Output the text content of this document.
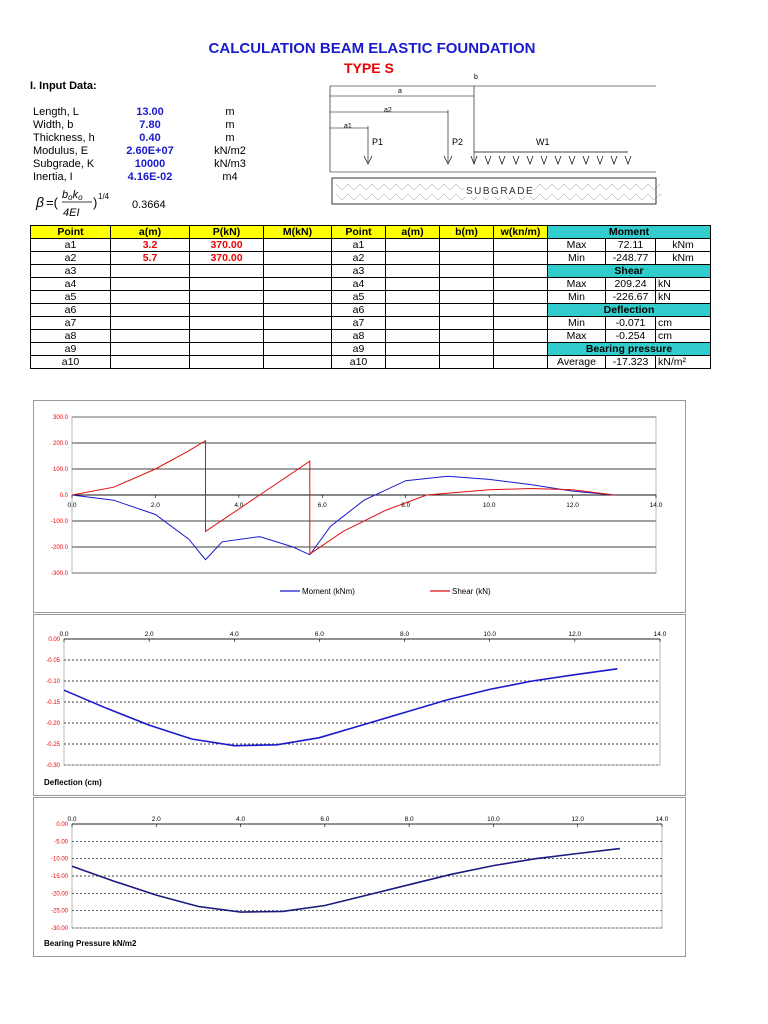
CALCULATION BEAM ELASTIC FOUNDATION
TYPE S
I. Input Data:
Length, L	13.00	m
Width, b	7.80	m
Thickness, h	0.40	m
Modulus, E	2.60E+07	kN/m2
Subgrade, K	10000	kN/m3
Inertia, I	4.16E-02	m4
β =( boko
4EI
) 1/4
0.3664
b
a
a2
a1
P1	P2	W1
SUBGRADE
Point	a(m)	P(kN)	M(kN)	Point	a(m)	b(m)	w(kn/m)
a1	3.2	370.00		a1			
a2	5.7	370.00		a2			
a3				a3			
a4				a4			
a5				a5			
a6				a6			
a7				a7			
a8				a8			
a9				a9			
a10				a10			
Moment		
Max	72.11	kNm
Min	-248.77	kNm
Shear		
Max	209.24	kN
Min	-226.67	kN
Deflection		
Min	-0.071	cm
Max	-0.254	cm
Bearing pressure		
Average	-17.323	kN/m²
300.0
200.0
100.0
0.0
-100.0
-200.0
-300.0
0.0	2.0	4.0	6.0	8.0	10.0	12.0	14.0
Moment (kNm)	Shear (kN)
0.00
-0.05
-0.10
-0.15
-0.20
-0.25
-0.30
0.0	2.0	4.0	6.0	8.0	10.0	12.0	14.0
Deflection (cm)
0.00
-5.00
-10.00
-15.00
-20.00
-25.00
-30.00
0.0	2.0	4.0	6.0	8.0	10.0	12.0	14.0
Bearing Pressure kN/m2
